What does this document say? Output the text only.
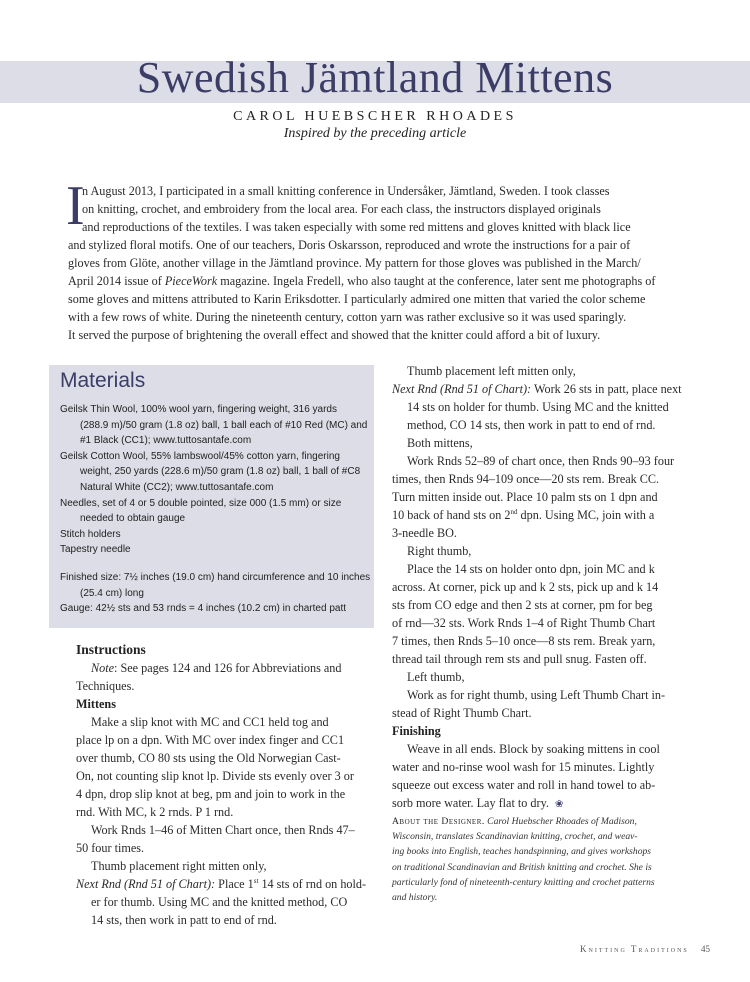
Swedish Jämtland Mittens
CAROL HUEBSCHER RHOADES
Inspired by the preceding article
I
n August 2013, I participated in a small knitting conference in Undersåker, Jämtland, Sweden. I took classes
on knitting, crochet, and embroidery from the local area. For each class, the instructors displayed originals
and reproductions of the textiles. I was taken especially with some red mittens and gloves knitted with black lice
and stylized floral motifs. One of our teachers, Doris Oskarsson, reproduced and wrote the instructions for a pair of
gloves from Glöte, another village in the Jämtland province. My pattern for those gloves was published in the March/
April 2014 issue of PieceWork magazine. Ingela Fredell, who also taught at the conference, later sent me photographs of
some gloves and mittens attributed to Karin Eriksdotter. I particularly admired one mitten that varied the color scheme
with a few rows of white. During the nineteenth century, cotton yarn was rather exclusive so it was used sparingly.
It served the purpose of brightening the overall effect and showed that the knitter could afford a bit of luxury.
Materials
Geilsk Thin Wool, 100% wool yarn, fingering weight, 316 yards
(288.9 m)/50 gram (1.8 oz) ball, 1 ball each of #10 Red (MC) and
#1 Black (CC1); www.tuttosantafe.com
Geilsk Cotton Wool, 55% lambswool/45% cotton yarn, fingering
weight, 250 yards (228.6 m)/50 gram (1.8 oz) ball, 1 ball of #C8
Natural White (CC2); www.tuttosantafe.com
Needles, set of 4 or 5 double pointed, size 000 (1.5 mm) or size
needed to obtain gauge
Stitch holders
Tapestry needle
Finished size: 7½ inches (19.0 cm) hand circumference and 10 inches
(25.4 cm) long
Gauge: 42½ sts and 53 rnds = 4 inches (10.2 cm) in charted patt
Instructions
Note: See pages 124 and 126 for Abbreviations and
Techniques.
Mittens
Make a slip knot with MC and CC1 held tog and
place lp on a dpn. With MC over index finger and CC1
over thumb, CO 80 sts using the Old Norwegian Cast-
On, not counting slip knot lp. Divide sts evenly over 3 or
4 dpn, drop slip knot at beg, pm and join to work in the
rnd. With MC, k 2 rnds. P 1 rnd.
Work Rnds 1–46 of Mitten Chart once, then Rnds 47–
50 four times.
Thumb placement right mitten only,
Next Rnd (Rnd 51 of Chart): Place 1st 14 sts of rnd on hold-
er for thumb. Using MC and the knitted method, CO
14 sts, then work in patt to end of rnd.
Thumb placement left mitten only,
Next Rnd (Rnd 51 of Chart): Work 26 sts in patt, place next
14 sts on holder for thumb. Using MC and the knitted
method, CO 14 sts, then work in patt to end of rnd.
Both mittens,
Work Rnds 52–89 of chart once, then Rnds 90–93 four
times, then Rnds 94–109 once—20 sts rem. Break CC.
Turn mitten inside out. Place 10 palm sts on 1 dpn and
10 back of hand sts on 2nd dpn. Using MC, join with a
3-needle BO.
Right thumb,
Place the 14 sts on holder onto dpn, join MC and k
across. At corner, pick up and k 2 sts, pick up and k 14
sts from CO edge and then 2 sts at corner, pm for beg
of rnd—32 sts. Work Rnds 1–4 of Right Thumb Chart
7 times, then Rnds 5–10 once—8 sts rem. Break yarn,
thread tail through rem sts and pull snug. Fasten off.
Left thumb,
Work as for right thumb, using Left Thumb Chart in-
stead of Right Thumb Chart.
Finishing
Weave in all ends. Block by soaking mittens in cool
water and no-rinse wool wash for 15 minutes. Lightly
squeeze out excess water and roll in hand towel to ab-
sorb more water. Lay flat to dry. ❀
About the Designer. Carol Huebscher Rhoades of Madison,
Wisconsin, translates Scandinavian knitting, crochet, and weav-
ing books into English, teaches handspinning, and gives workshops
on traditional Scandinavian and British knitting and crochet. She is
particularly fond of nineteenth-century knitting and crochet patterns
and history.
Knitting Traditions 45
